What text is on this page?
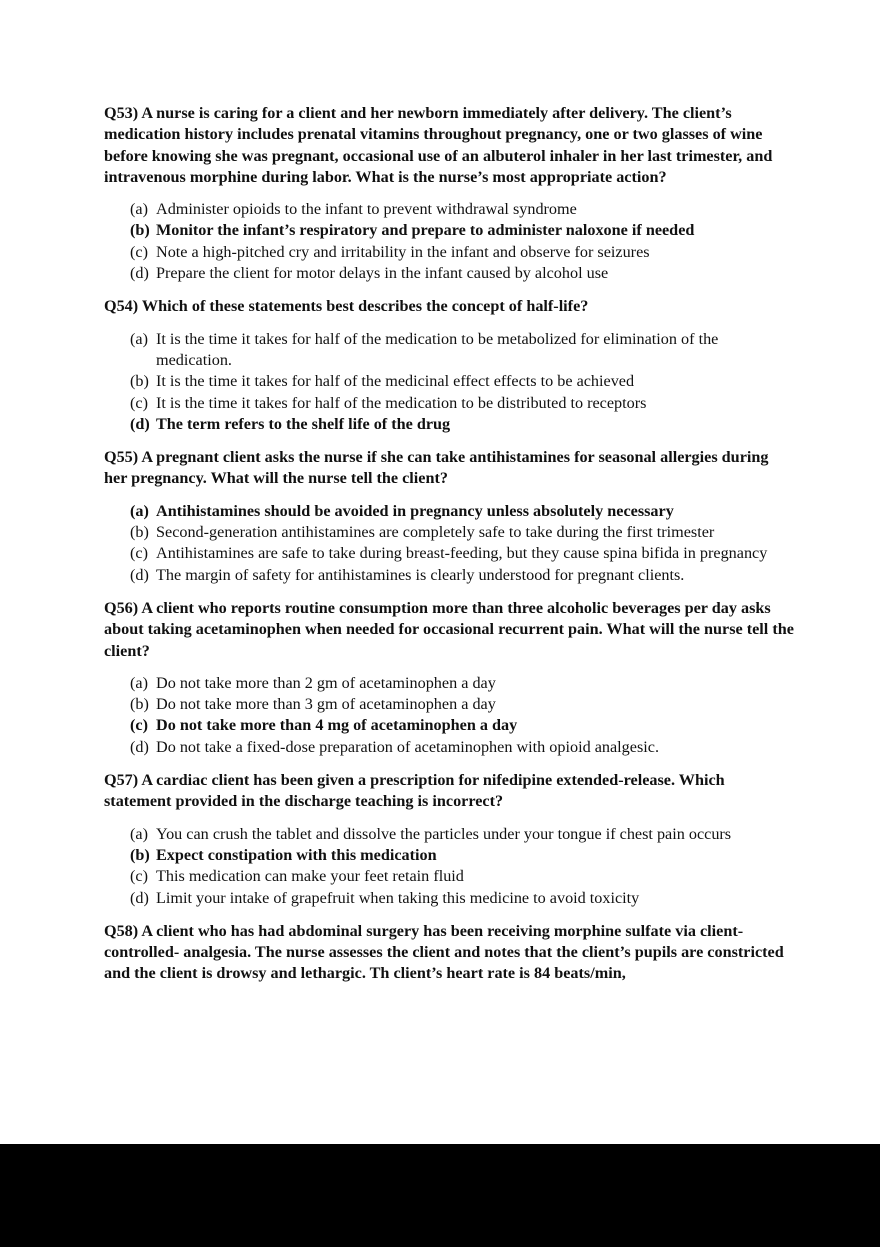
Q53) A nurse is caring for a client and her newborn immediately after delivery. The client’s medication history includes prenatal vitamins throughout pregnancy, one or two glasses of wine before knowing she was pregnant, occasional use of an albuterol inhaler in her last trimester, and intravenous morphine during labor. What is the nurse’s most appropriate action?

(a) Administer opioids to the infant to prevent withdrawal syndrome
(b) Monitor the infant’s respiratory and prepare to administer naloxone if needed
(c) Note a high-pitched cry and irritability in the infant and observe for seizures
(d) Prepare the client for motor delays in the infant caused by alcohol use

Q54) Which of these statements best describes the concept of half-life?

(a) It is the time it takes for half of the medication to be metabolized for elimination of the medication.
(b) It is the time it takes for half of the medicinal effect effects to be achieved
(c) It is the time it takes for half of the medication to be distributed to receptors
(d) The term refers to the shelf life of the drug

Q55) A pregnant client asks the nurse if she can take antihistamines for seasonal allergies during her pregnancy. What will the nurse tell the client?

(a) Antihistamines should be avoided in pregnancy unless absolutely necessary
(b) Second-generation antihistamines are completely safe to take during the first trimester
(c) Antihistamines are safe to take during breast-feeding, but they cause spina bifida in pregnancy
(d) The margin of safety for antihistamines is clearly understood for pregnant clients.

Q56) A client who reports routine consumption more than three alcoholic beverages per day asks about taking acetaminophen when needed for occasional recurrent pain. What will the nurse tell the client?

(a) Do not take more than 2 gm of acetaminophen a day
(b) Do not take more than 3 gm of acetaminophen a day
(c) Do not take more than 4 mg of acetaminophen a day
(d) Do not take a fixed-dose preparation of acetaminophen with opioid analgesic.

Q57) A cardiac client has been given a prescription for nifedipine extended-release. Which statement provided in the discharge teaching is incorrect?

(a) You can crush the tablet and dissolve the particles under your tongue if chest pain occurs
(b) Expect constipation with this medication
(c) This medication can make your feet retain fluid
(d) Limit your intake of grapefruit when taking this medicine to avoid toxicity

Q58) A client who has had abdominal surgery has been receiving morphine sulfate via client-controlled- analgesia. The nurse assesses the client and notes that the client’s pupils are constricted and the client is drowsy and lethargic. Th client’s heart rate is 84 beats/min,
